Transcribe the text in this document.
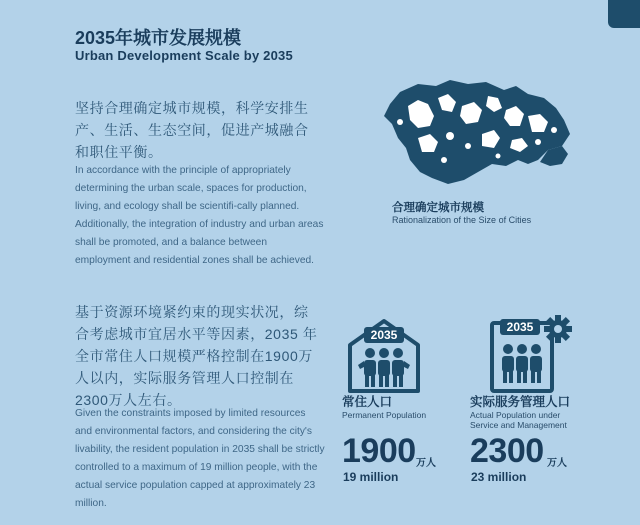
2035年城市发展规模
Urban Development Scale by 2035
坚持合理确定城市规模，科学安排生产、生活、生态空间，促进产城融合和职住平衡。
In accordance with the principle of appropriately determining the urban scale, spaces for production, living, and ecology shall be scientifi-cally planned. Additionally, the integration of industry and urban areas shall be promoted, and a balance between employment and residential zones shall be achieved.
合理确定城市规模
Rationalization of the Size of Cities
基于资源环境紧约束的现实状况，综合考虑城市宜居水平等因素，2035 年全市常住人口规模严格控制在1900万人以内，实际服务管理人口控制在2300万人左右。
Given the constraints imposed by limited resources and environmental factors, and considering the city's livability, the resident population in 2035 shall be strictly controlled to a maximum of 19 million people, with the actual service population capped at approximately 23 million.
2035
2035
常住人口
Permanent Population
实际服务管理人口
Actual Population under Service and Management
1900 万人
19 million
2300 万人
23 million
